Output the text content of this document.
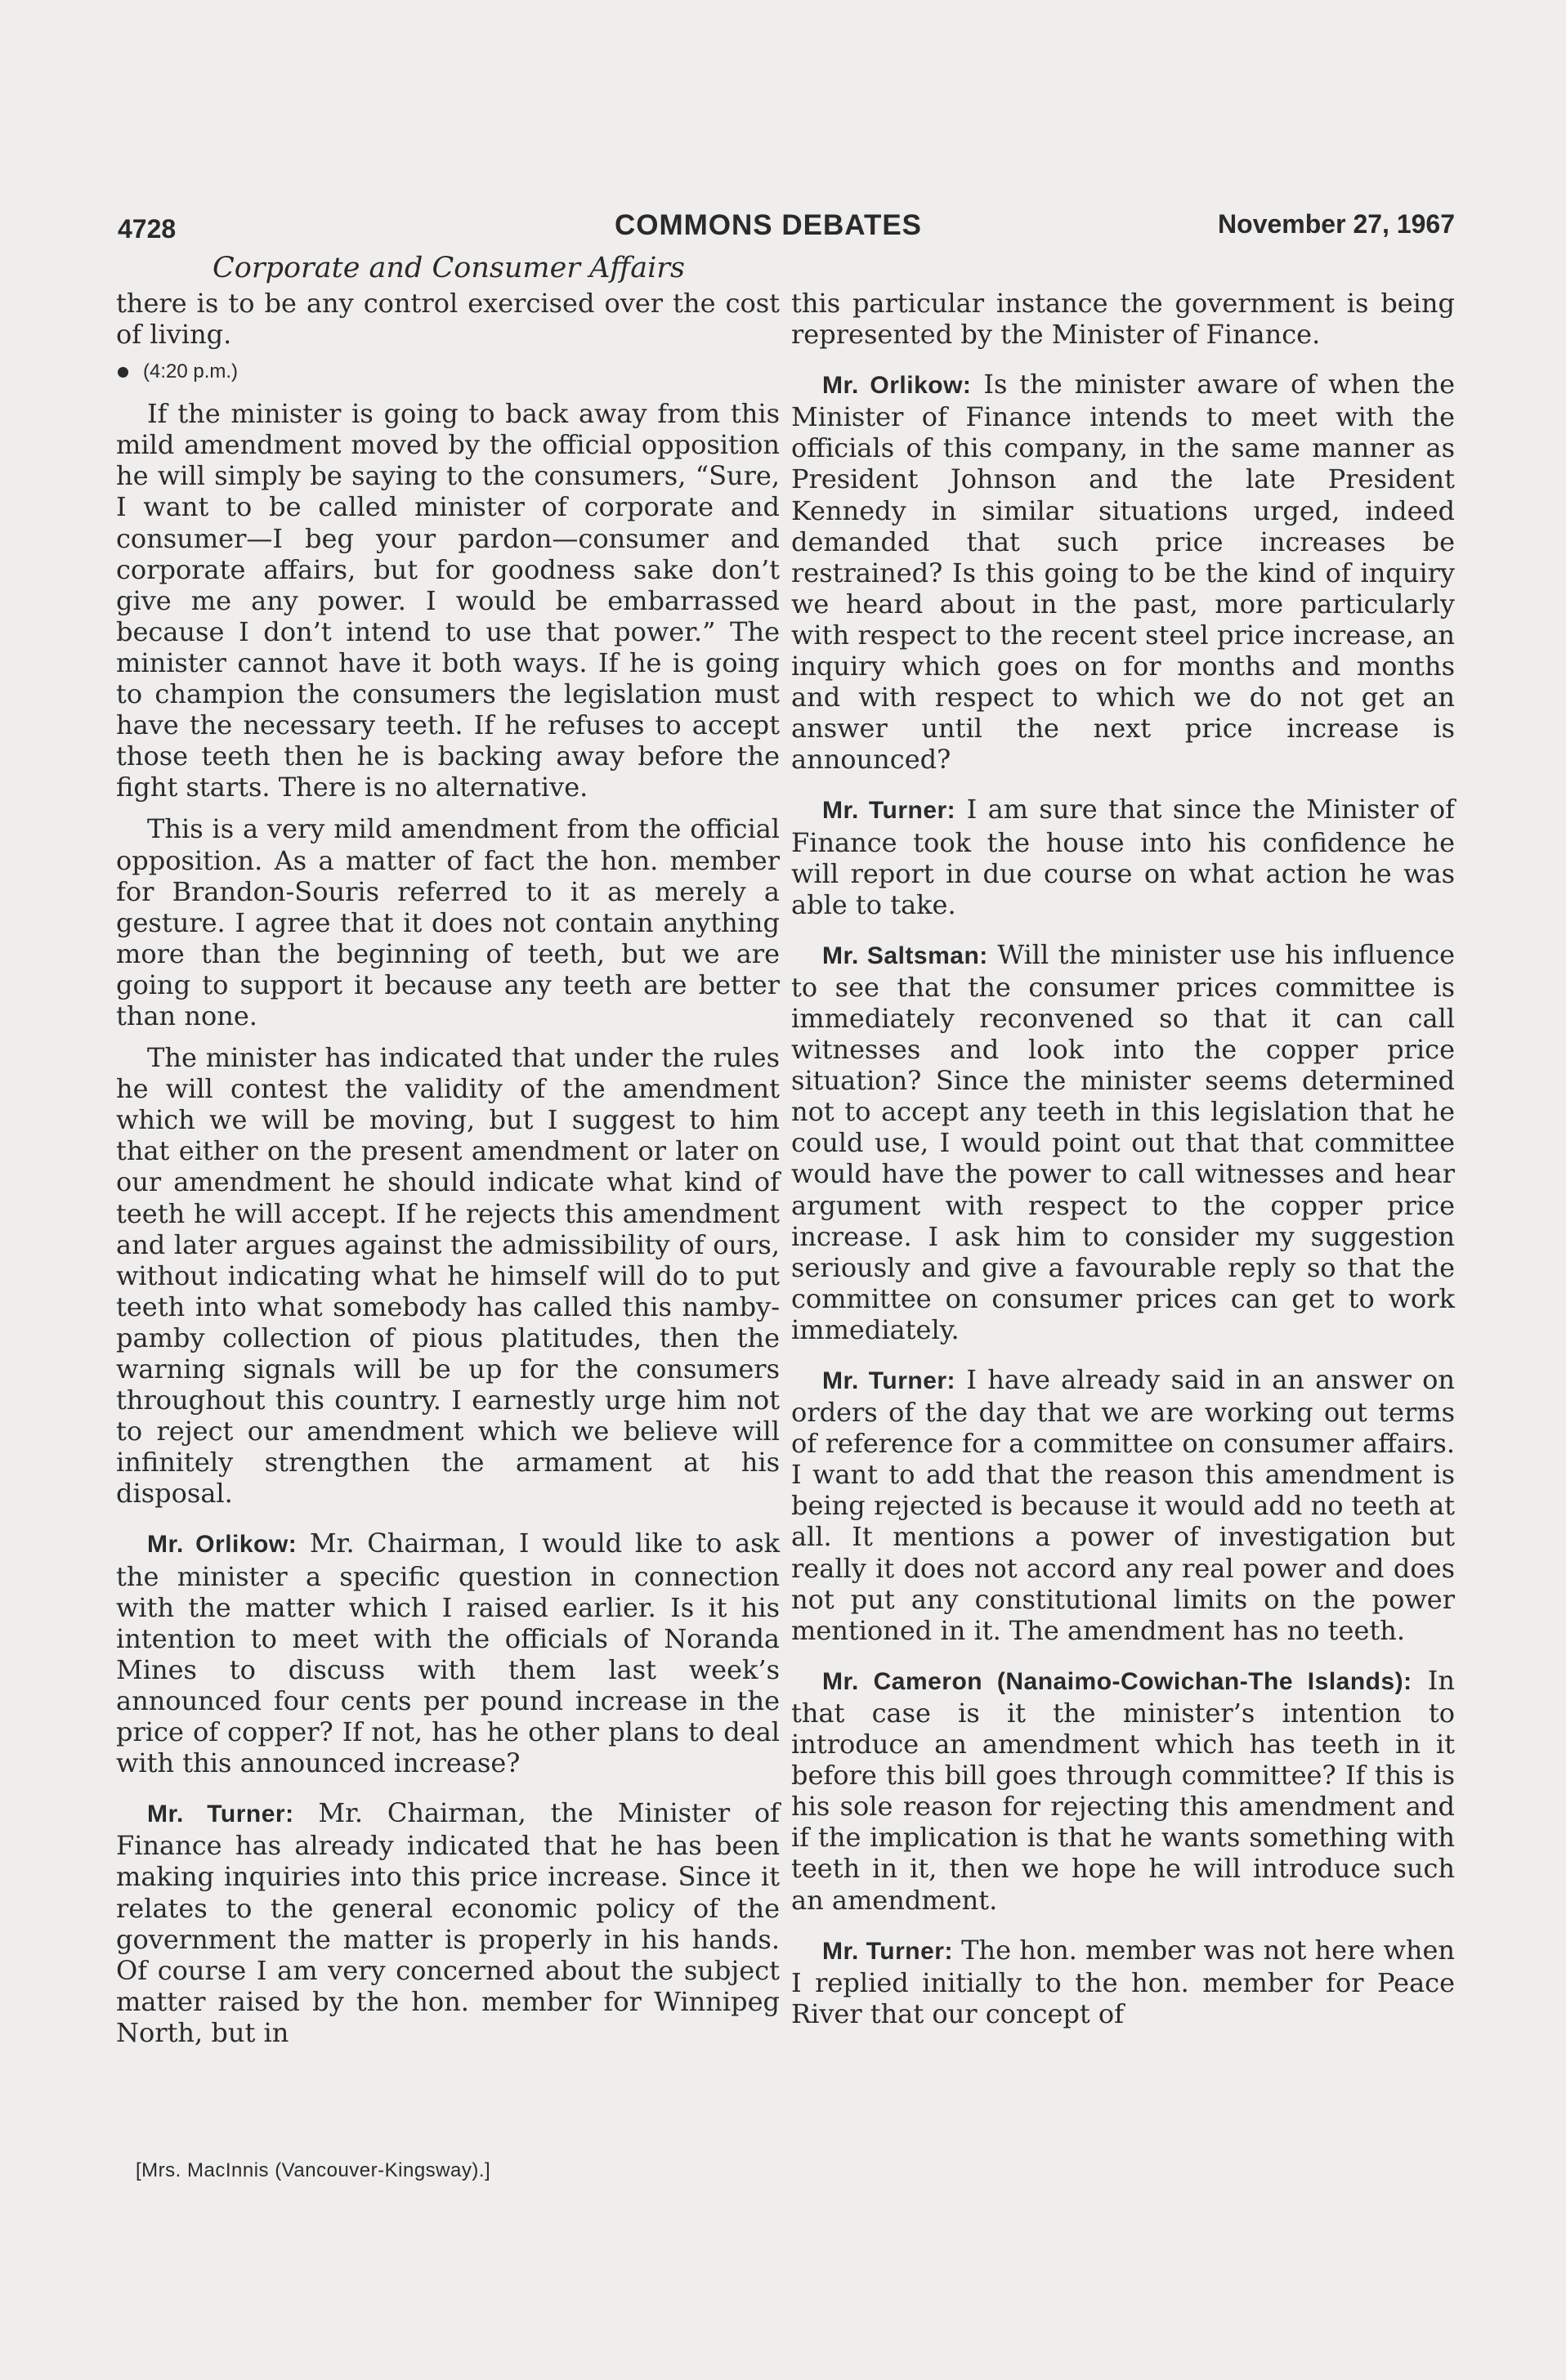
4728	COMMONS DEBATES	November 27, 1967
Corporate and Consumer Affairs

there is to be any control exercised over the cost of living.

(4:20 p.m.)

If the minister is going to back away from this mild amendment moved by the official opposition he will simply be saying to the consumers, “Sure, I want to be called minister of corporate and consumer—I beg your pardon—consumer and corporate affairs, but for goodness sake don’t give me any power. I would be embarrassed because I don’t intend to use that power.” The minister cannot have it both ways. If he is going to champion the consumers the legislation must have the necessary teeth. If he refuses to accept those teeth then he is backing away before the fight starts. There is no alternative.

This is a very mild amendment from the official opposition. As a matter of fact the hon. member for Brandon-Souris referred to it as merely a gesture. I agree that it does not contain anything more than the beginning of teeth, but we are going to support it because any teeth are better than none.

The minister has indicated that under the rules he will contest the validity of the amendment which we will be moving, but I suggest to him that either on the present amendment or later on our amendment he should indicate what kind of teeth he will accept. If he rejects this amendment and later argues against the admissibility of ours, without indicating what he himself will do to put teeth into what somebody has called this namby-pamby collection of pious platitudes, then the warning signals will be up for the consumers throughout this country. I earnestly urge him not to reject our amendment which we believe will infinitely strengthen the armament at his disposal.

Mr. Orlikow: Mr. Chairman, I would like to ask the minister a specific question in connection with the matter which I raised earlier. Is it his intention to meet with the officials of Noranda Mines to discuss with them last week’s announced four cents per pound increase in the price of copper? If not, has he other plans to deal with this announced increase?

Mr. Turner: Mr. Chairman, the Minister of Finance has already indicated that he has been making inquiries into this price increase. Since it relates to the general economic policy of the government the matter is properly in his hands. Of course I am very concerned about the subject matter raised by the hon. member for Winnipeg North, but in

[Mrs. MacInnis (Vancouver-Kingsway).]

this particular instance the government is being represented by the Minister of Finance.

Mr. Orlikow: Is the minister aware of when the Minister of Finance intends to meet with the officials of this company, in the same manner as President Johnson and the late President Kennedy in similar situations urged, indeed demanded that such price increases be restrained? Is this going to be the kind of inquiry we heard about in the past, more particularly with respect to the recent steel price increase, an inquiry which goes on for months and months and with respect to which we do not get an answer until the next price increase is announced?

Mr. Turner: I am sure that since the Minister of Finance took the house into his confidence he will report in due course on what action he was able to take.

Mr. Saltsman: Will the minister use his influence to see that the consumer prices committee is immediately reconvened so that it can call witnesses and look into the copper price situation? Since the minister seems determined not to accept any teeth in this legislation that he could use, I would point out that that committee would have the power to call witnesses and hear argument with respect to the copper price increase. I ask him to consider my suggestion seriously and give a favourable reply so that the committee on consumer prices can get to work immediately.

Mr. Turner: I have already said in an answer on orders of the day that we are working out terms of reference for a committee on consumer affairs. I want to add that the reason this amendment is being rejected is because it would add no teeth at all. It mentions a power of investigation but really it does not accord any real power and does not put any constitutional limits on the power mentioned in it. The amendment has no teeth.

Mr. Cameron (Nanaimo-Cowichan-The Islands): In that case is it the minister’s intention to introduce an amendment which has teeth in it before this bill goes through committee? If this is his sole reason for rejecting this amendment and if the implication is that he wants something with teeth in it, then we hope he will introduce such an amendment.

Mr. Turner: The hon. member was not here when I replied initially to the hon. member for Peace River that our concept of
